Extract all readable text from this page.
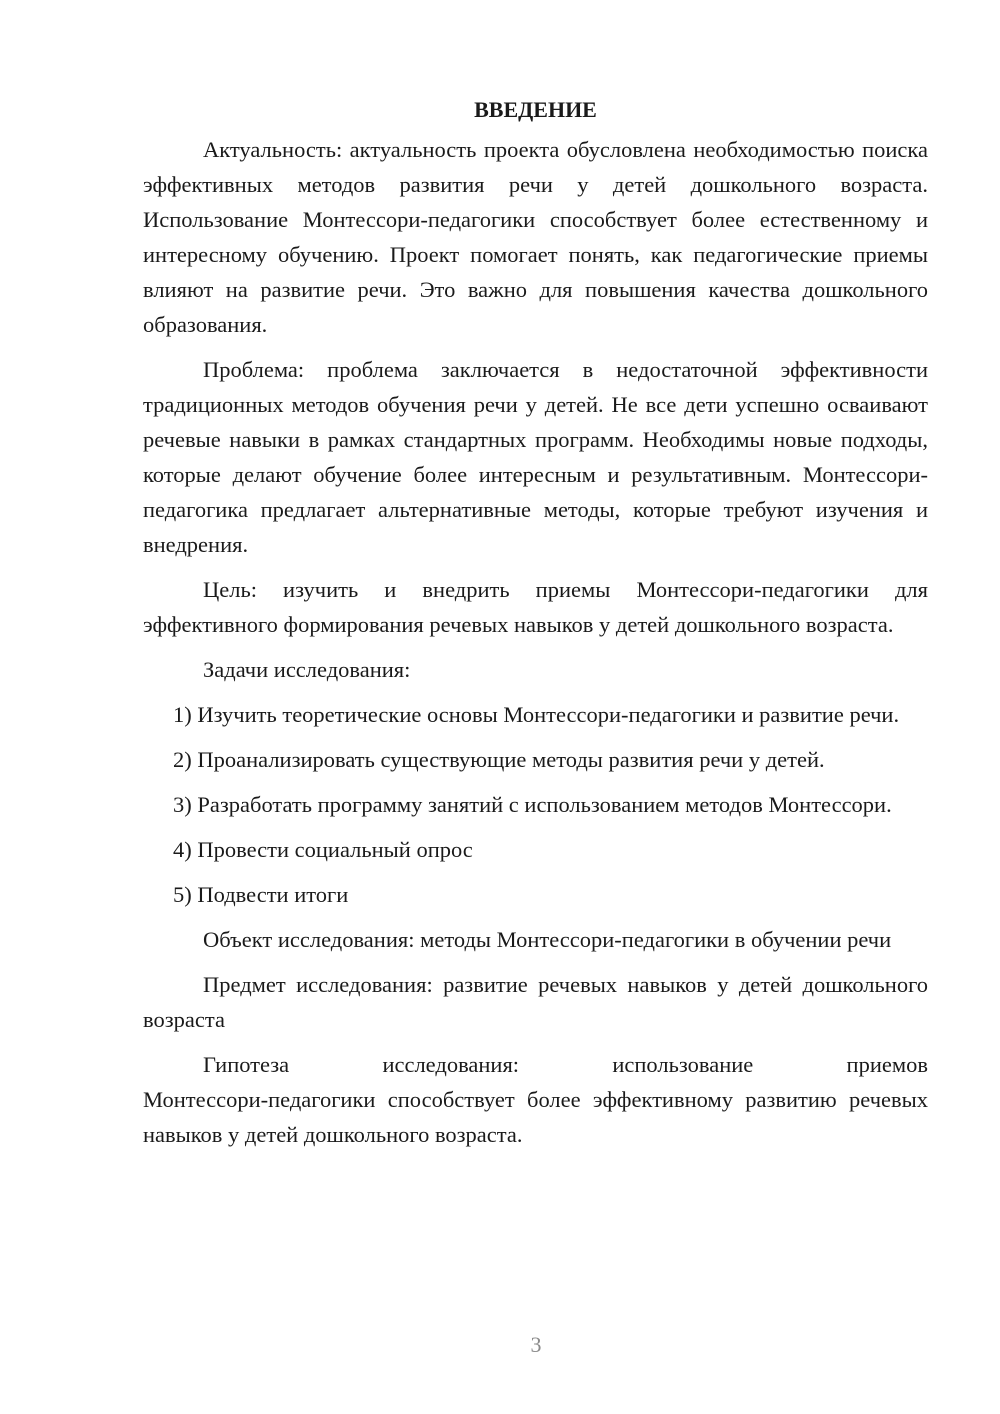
ВВЕДЕНИЕ

Актуальность: актуальность проекта обусловлена необходимостью поиска эффективных методов развития речи у детей дошкольного возраста. Использование Монтессори-педагогики способствует более естественному и интересному обучению. Проект помогает понять, как педагогические приемы влияют на развитие речи. Это важно для повышения качества дошкольного образования.

Проблема: проблема заключается в недостаточной эффективности традиционных методов обучения речи у детей. Не все дети успешно осваивают речевые навыки в рамках стандартных программ. Необходимы новые подходы, которые делают обучение более интересным и результативным. Монтессори-педагогика предлагает альтернативные методы, которые требуют изучения и внедрения.

Цель: изучить и внедрить приемы Монтессори-педагогики для эффективного формирования речевых навыков у детей дошкольного возраста.

Задачи исследования:

1) Изучить теоретические основы Монтессори-педагогики и развитие речи.

2) Проанализировать существующие методы развития речи у детей.

3) Разработать программу занятий с использованием методов Монтессори.

4) Провести социальный опрос

5) Подвести итоги

Объект исследования: методы Монтессори-педагогики в обучении речи

Предмет исследования: развитие речевых навыков у детей дошкольного возраста

Гипотеза	исследования:	использование	приемов

Монтессори-педагогики способствует более эффективному развитию речевых навыков у детей дошкольного возраста.

3
